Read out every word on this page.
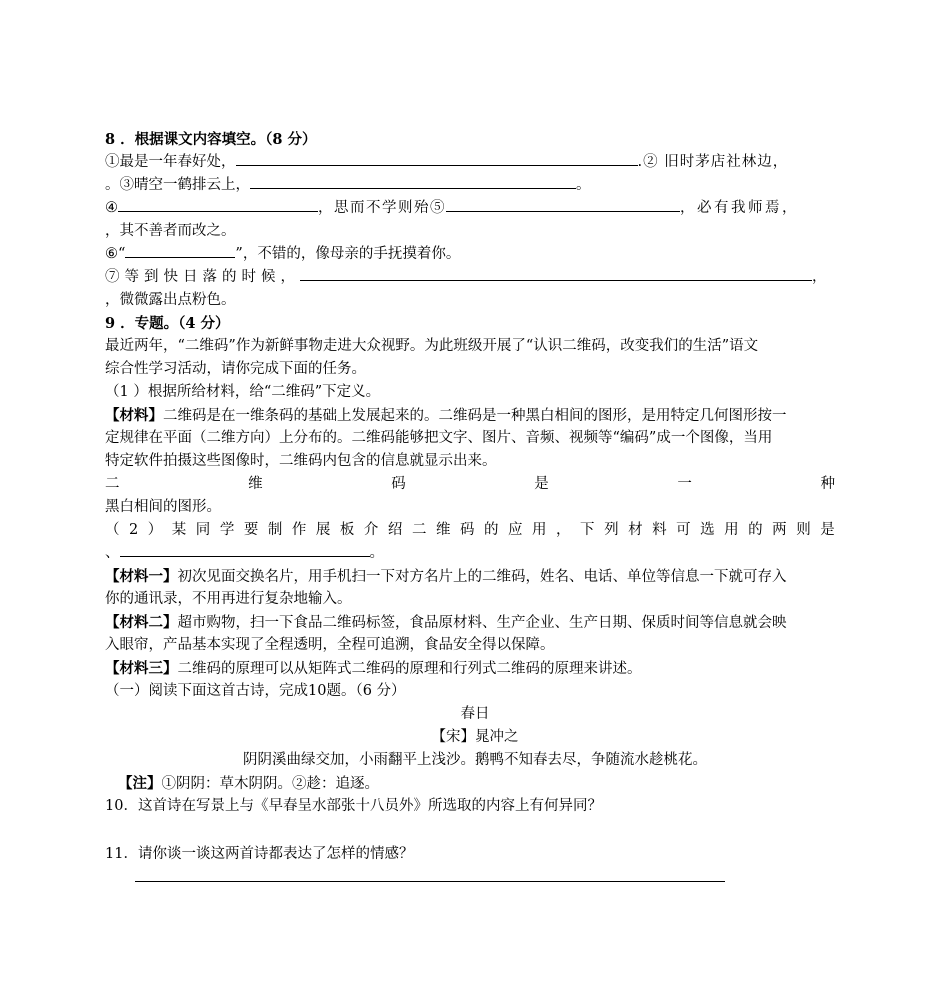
8 ．根据课文内容填空。（8 分）
①最是一年春好处，	.② 旧时茅店社林边，
。③晴空一鹤排云上，	。
④	，思而不学则殆⑤	，必有我师焉，
，其不善者而改之。
⑥“	”，不错的，像母亲的手抚摸着你。
⑦等到快日落的时候，	，
，微微露出点粉色。
9 ．专题。（4 分）
最近两年，“二维码”作为新鲜事物走进大众视野。为此班级开展了“认识二维码，改变我们的生活”语文
综合性学习活动，请你完成下面的任务。
（1 ）根据所给材料，给“二维码”下定义。
【材料】二维码是在一维条码的基础上发展起来的。二维码是一种黑白相间的图形，是用特定几何图形按一
定规律在平面（二维方向）上分布的。二维码能够把文字、图片、音频、视频等“编码”成一个图像，当用
特定软件拍摄这些图像时，二维码内包含的信息就显示出来。
二	维	码	是	一	种
黑白相间的图形。
（ 2 ） 某 同 学 要 制 作 展 板 介 绍 二 维 码 的 应 用 ， 下 列 材 料 可 选 用 的 两 则 是
、	。
【材料一】初次见面交换名片，用手机扫一下对方名片上的二维码，姓名、电话、单位等信息一下就可存入
你的通讯录，不用再进行复杂地输入。
【材料二】超市购物，扫一下食品二维码标签，食品原材料、生产企业、生产日期、保质时间等信息就会映
入眼帘，产品基本实现了全程透明，全程可追溯，食品安全得以保障。
【材料三】二维码的原理可以从矩阵式二维码的原理和行列式二维码的原理来讲述。
（一）阅读下面这首古诗，完成10题。（6 分）
春日
【宋】晁冲之
阴阴溪曲绿交加，小雨翻平上浅沙。鹅鸭不知春去尽，争随流水趁桃花。
【注】①阴阴：草木阴阴。②趁：追逐。
10．这首诗在写景上与《早春呈水部张十八员外》所选取的内容上有何异同？
11．请你谈一谈这两首诗都表达了怎样的情感？
